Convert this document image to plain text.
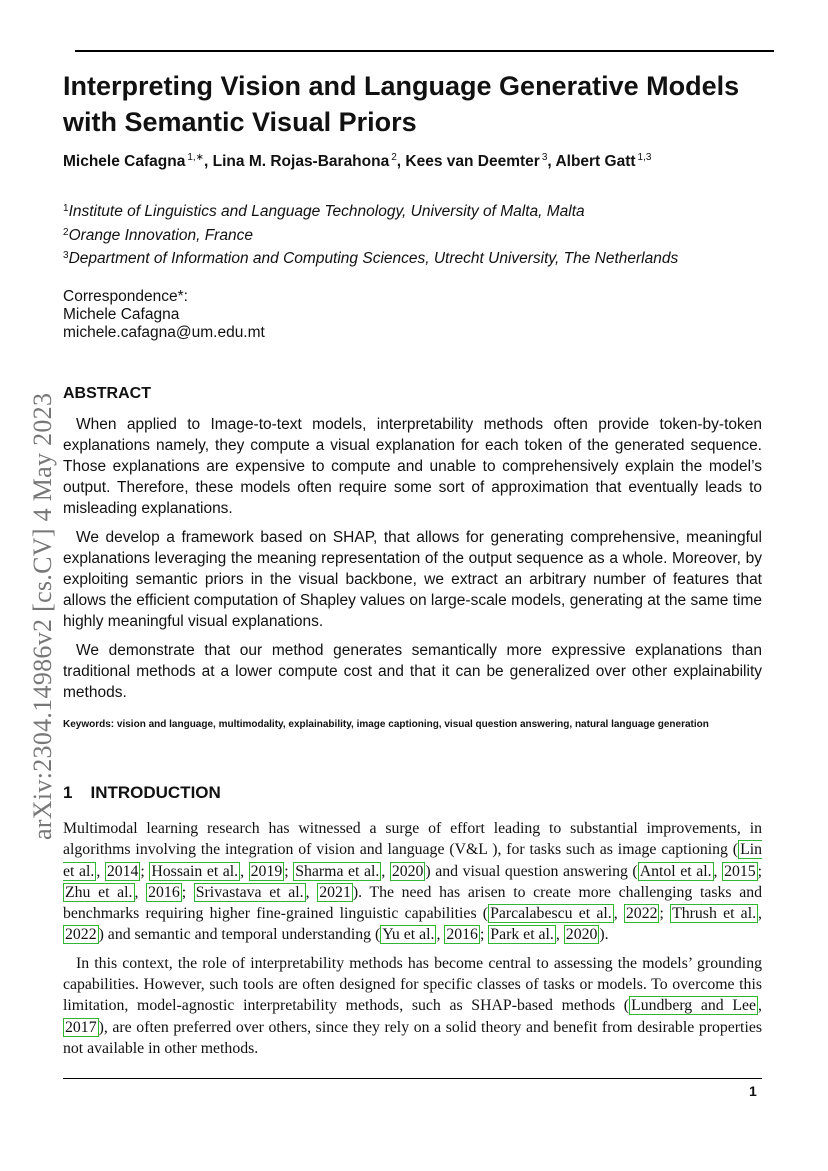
arXiv:2304.14986v2 [cs.CV] 4 May 2023
Interpreting Vision and Language Generative Models with Semantic Visual Priors
Michele Cafagna $^{1,∗}$, Lina M. Rojas-Barahona $^2$, Kees van Deemter $^3$, Albert Gatt $^{1,3}$
$^1$Institute of Linguistics and Language Technology, University of Malta, Malta
$^2$Orange Innovation, France
$^3$Department of Information and Computing Sciences, Utrecht University, The Netherlands
Correspondence*:
Michele Cafagna
michele.cafagna@um.edu.mt
ABSTRACT

When applied to Image-to-text models, interpretability methods often provide token-by-token explanations namely, they compute a visual explanation for each token of the generated sequence. Those explanations are expensive to compute and unable to comprehensively explain the model’s output. Therefore, these models often require some sort of approximation that eventually leads to misleading explanations.

We develop a framework based on SHAP, that allows for generating comprehensive, meaningful explanations leveraging the meaning representation of the output sequence as a whole. Moreover, by exploiting semantic priors in the visual backbone, we extract an arbitrary number of features that allows the efficient computation of Shapley values on large-scale models, generating at the same time highly meaningful visual explanations.

We demonstrate that our method generates semantically more expressive explanations than traditional methods at a lower compute cost and that it can be generalized over other explainability methods.

Keywords: vision and language, multimodality, explainability, image captioning, visual question answering, natural language generation
1 INTRODUCTION

Multimodal learning research has witnessed a surge of effort leading to substantial improvements, in algorithms involving the integration of vision and language (V&L ), for tasks such as image captioning ( Lin et al. , 2014 ; Hossain et al. , 2019 ; Sharma et al. , 2020 ) and visual question answering ( Antol et al. , 2015 ; Zhu et al. , 2016 ; Srivastava et al. , 2021 ). The need has arisen to create more challenging tasks and benchmarks requiring higher fine-grained linguistic capabilities ( Parcalabescu et al. , 2022 ; Thrush et al. , 2022 ) and semantic and temporal understanding ( Yu et al. , 2016 ; Park et al. , 2020 ).

In this context, the role of interpretability methods has become central to assessing the models’ grounding capabilities. However, such tools are often designed for specific classes of tasks or models. To overcome this limitation, model-agnostic interpretability methods, such as SHAP-based methods ( Lundberg and Lee , 2017 ), are often preferred over others, since they rely on a solid theory and benefit from desirable properties not available in other methods.

1
